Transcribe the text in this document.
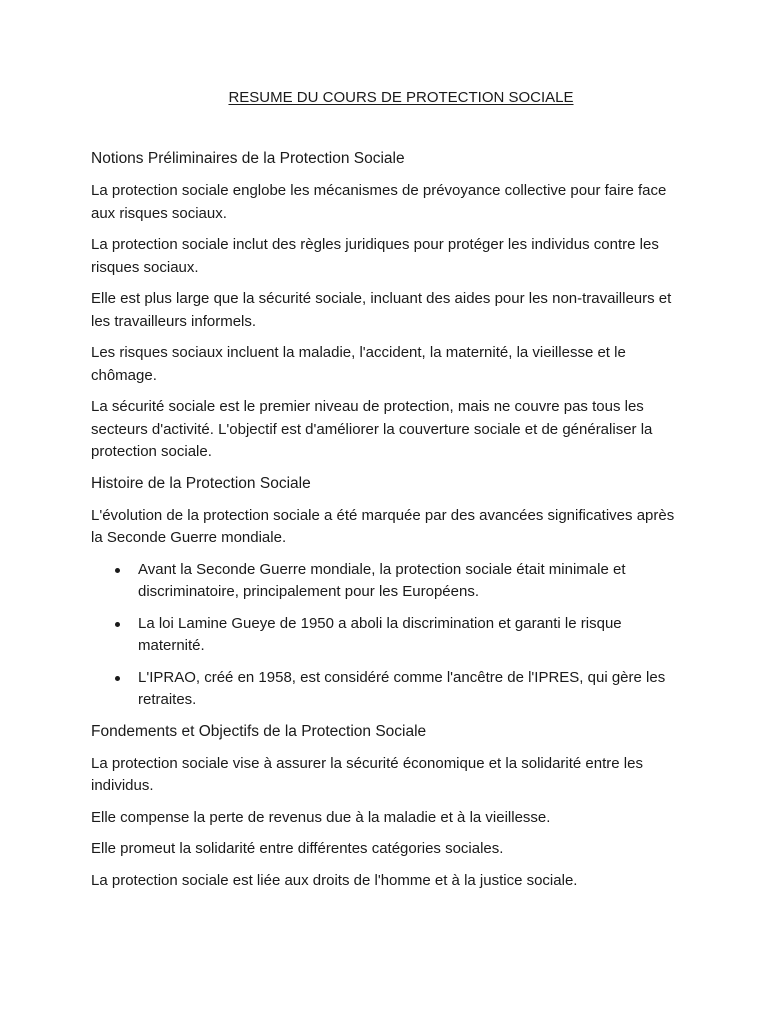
RESUME DU COURS DE PROTECTION SOCIALE
Notions Préliminaires de la Protection Sociale

La protection sociale englobe les mécanismes de prévoyance collective pour faire face aux risques sociaux.

La protection sociale inclut des règles juridiques pour protéger les individus contre les risques sociaux.

Elle est plus large que la sécurité sociale, incluant des aides pour les non-travailleurs et les travailleurs informels.

Les risques sociaux incluent la maladie, l'accident, la maternité, la vieillesse et le chômage.

La sécurité sociale est le premier niveau de protection, mais ne couvre pas tous les secteurs d'activité. L'objectif est d'améliorer la couverture sociale et de généraliser la protection sociale.

Histoire de la Protection Sociale

L'évolution de la protection sociale a été marquée par des avancées significatives après la Seconde Guerre mondiale.

Avant la Seconde Guerre mondiale, la protection sociale était minimale et discriminatoire, principalement pour les Européens.
La loi Lamine Gueye de 1950 a aboli la discrimination et garanti le risque maternité.
L'IPRAO, créé en 1958, est considéré comme l'ancêtre de l'IPRES, qui gère les retraites.
Fondements et Objectifs de la Protection Sociale

La protection sociale vise à assurer la sécurité économique et la solidarité entre les individus.

Elle compense la perte de revenus due à la maladie et à la vieillesse.

Elle promeut la solidarité entre différentes catégories sociales.

La protection sociale est liée aux droits de l'homme et à la justice sociale.
